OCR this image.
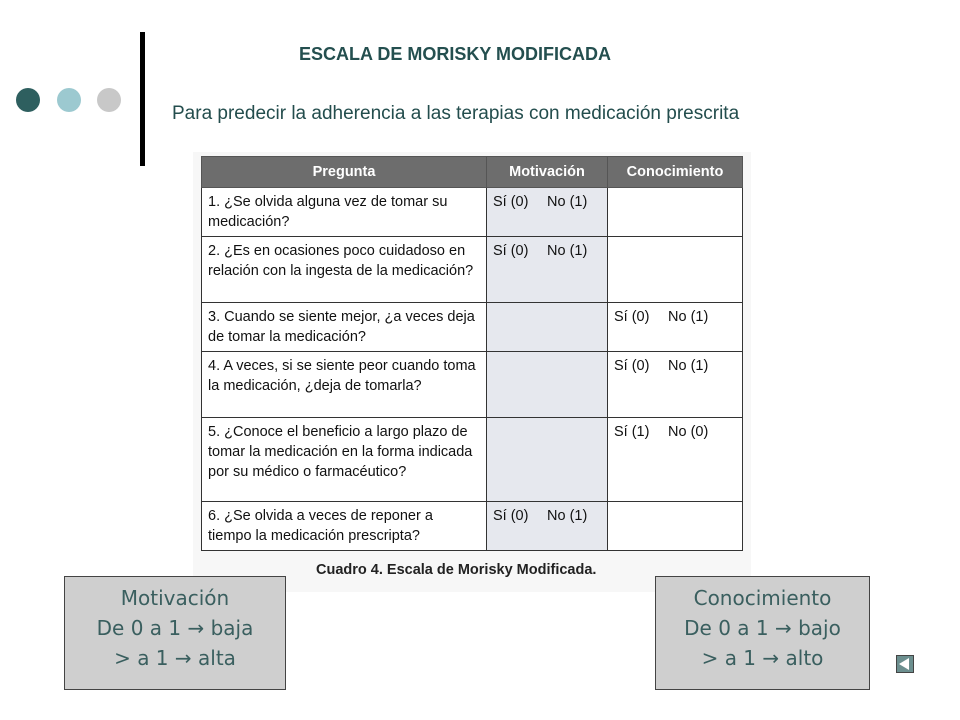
ESCALA DE MORISKY MODIFICADA
Para predecir la adherencia a las terapias con medicación prescrita
Pregunta	Motivación	Conocimiento
1. ¿Se olvida alguna vez de tomar su medicación?	Sí (0) No (1)	
2. ¿Es en ocasiones poco cuidadoso en relación con la ingesta de la medicación?	Sí (0) No (1)	
3. Cuando se siente mejor, ¿a veces deja de tomar la medicación?		Sí (0) No (1)
4. A veces, si se siente peor cuando toma la medicación, ¿deja de tomarla?		Sí (0) No (1)
5. ¿Conoce el beneficio a largo plazo de tomar la medicación en la forma indicada por su médico o farmacéutico?		Sí (1) No (0)
6. ¿Se olvida a veces de reponer a tiempo la medicación prescripta?	Sí (0) No (1)	
Cuadro 4. Escala de Morisky Modificada.
Motivación
De 0 a 1 → baja
> a 1 → alta
Conocimiento
De 0 a 1 → bajo
> a 1 → alto
